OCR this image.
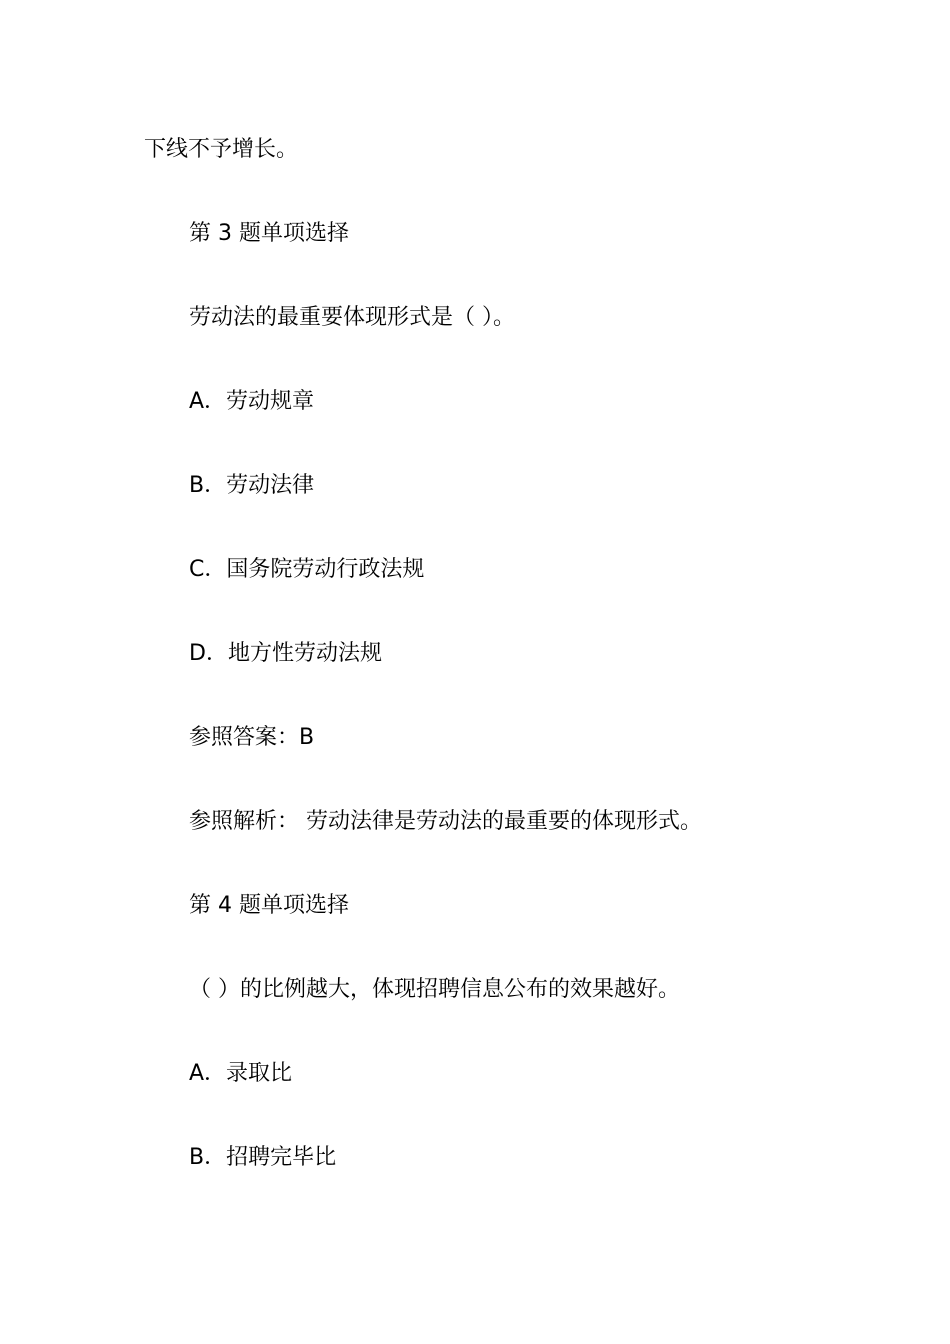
下线不予增长。
第 3 题单项选择
劳动法的最重要体现形式是（ ）。
A．劳动规章
B．劳动法律
C．国务院劳动行政法规
D．地方性劳动法规
参照答案：B
参照解析： 劳动法律是劳动法的最重要的体现形式。
第 4 题单项选择
（ ）的比例越大，体现招聘信息公布的效果越好。
A．录取比
B．招聘完毕比
